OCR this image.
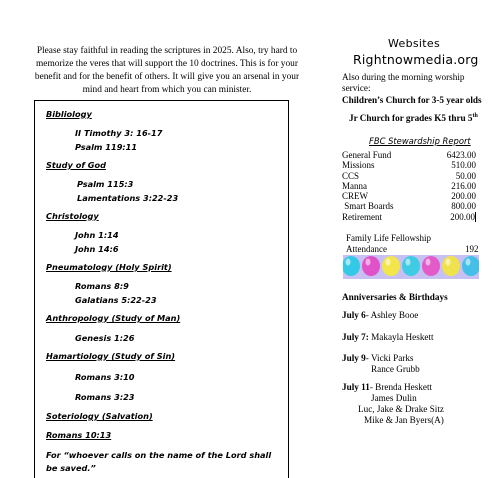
Please stay faithful in reading the scriptures in 2025. Also, try hard to
memorize the veres that will support the 10 doctrines. This is for your
benefit and for the benefit of others. It will give you an arsenal in your
mind and heart from which you can minister.
Bibliology
II Timothy 3: 16-17
Psalm 119:11
Study of God
Psalm 115:3
Lamentations 3:22-23
Christology
John 1:14
John 14:6
Pneumatology (Holy Spirit)
Romans 8:9
Galatians 5:22-23
Anthropology (Study of Man)
Genesis 1:26
Hamartiology (Study of Sin)
Romans 3:10
Romans 3:23
Soteriology (Salvation)
Romans 10:13
For “whoever calls on the name of the Lord shall be saved.”
Websites
Rightnowmedia.org
Also during the morning worship
service:
Children’s Church for 3-5 year olds
Jr Church for grades K5 thru 5th
FBC Stewardship Report
General Fund	6423.00
Missions	510.00
CCS	50.00
Manna	216.00
CREW	200.00
Smart Boards	800.00
Retirement	200.00
Family Life Fellowship
Attendance	192
Anniversaries & Birthdays
July 6- Ashley Booe
July 7: Makayla Heskett
July 9- Vicki Parks
Rance Grubb
July 11- Brenda Heskett
James Dulin
Luc, Jake & Drake Sitz
Mike & Jan Byers(A)
